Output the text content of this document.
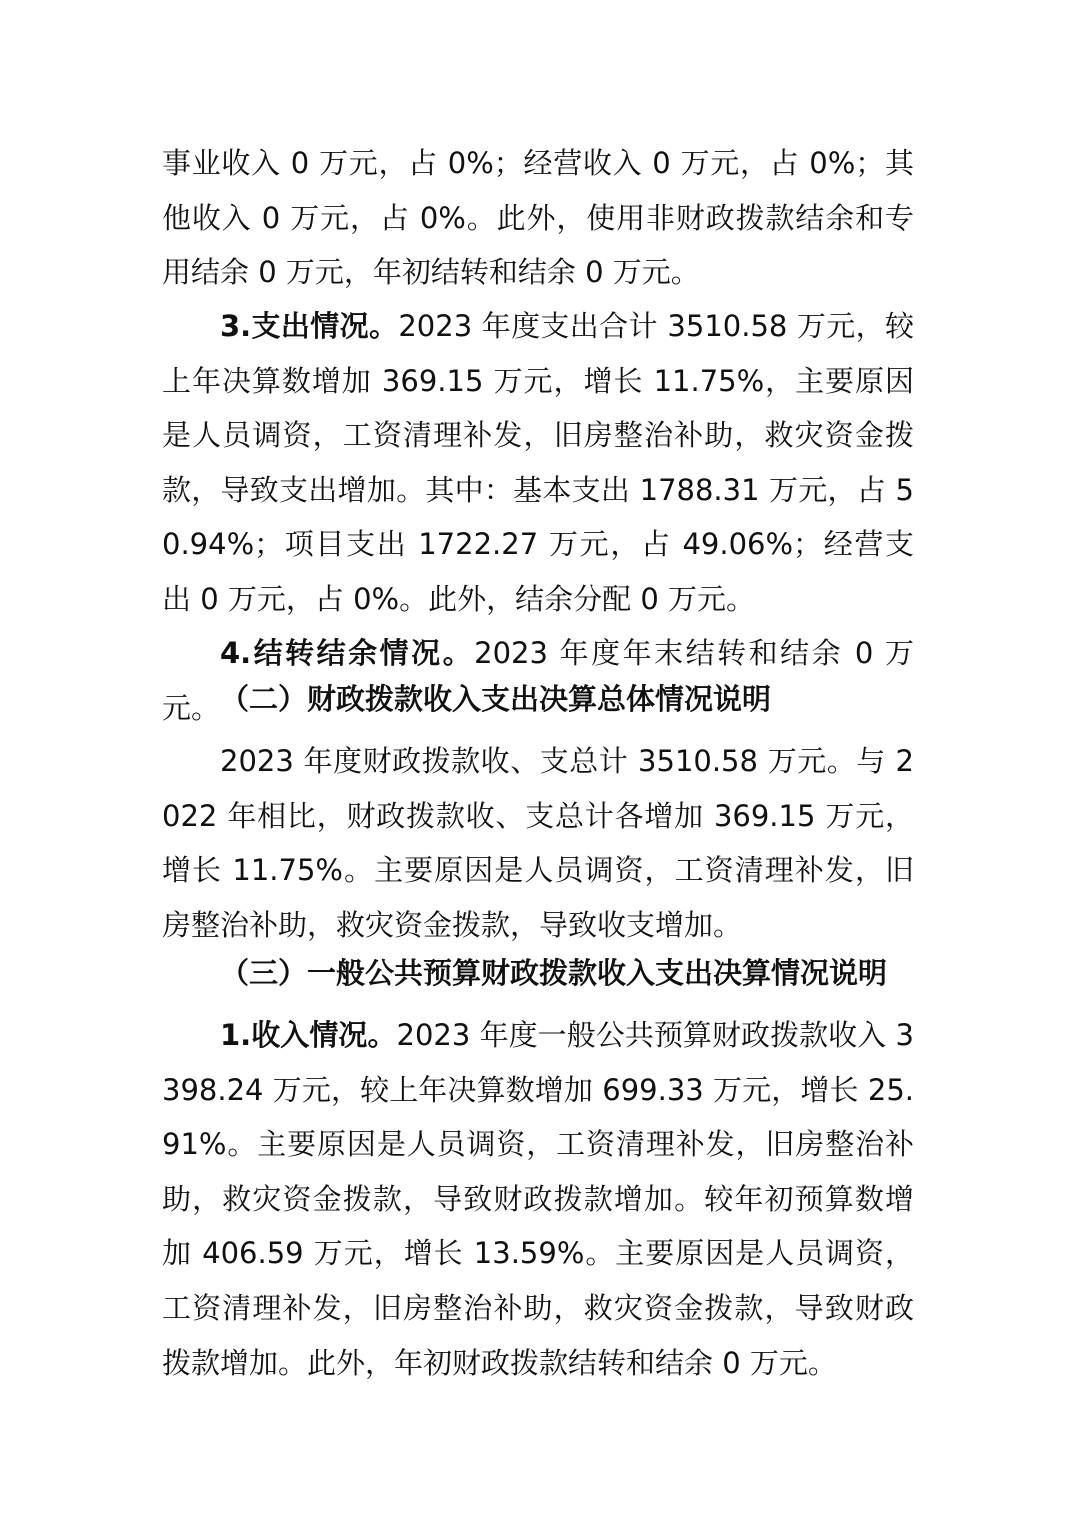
事业收入 0 万元，占 0%；经营收入 0 万元，占 0%；其他收入 0 万元，占 0%。此外，使用非财政拨款结余和专用结余 0 万元，年初结转和结余 0 万元。

3.支出情况。2023 年度支出合计 3510.58 万元，较上年决算数增加 369.15 万元，增长 11.75%，主要原因是人员调资，工资清理补发，旧房整治补助，救灾资金拨款，导致支出增加。其中：基本支出 1788.31 万元，占 50.94%；项目支出 1722.27 万元，占 49.06%；经营支出 0 万元，占 0%。此外，结余分配 0 万元。

4.结转结余情况。2023 年度年末结转和结余 0 万元。 （二）财政拨款收入支出决算总体情况说明

2023 年度财政拨款收、支总计 3510.58 万元。与 2022 年相比，财政拨款收、支总计各增加 369.15 万元，增长 11.75%。主要原因是人员调资，工资清理补发，旧房整治补助，救灾资金拨款，导致收支增加。

（三）一般公共预算财政拨款收入支出决算情况说明

1.收入情况。2023 年度一般公共预算财政拨款收入 3398.24 万元，较上年决算数增加 699.33 万元，增长 25.91%。主要原因是人员调资，工资清理补发，旧房整治补助，救灾资金拨款，导致财政拨款增加。较年初预算数增加 406.59 万元，增长 13.59%。主要原因是人员调资，工资清理补发，旧房整治补助，救灾资金拨款，导致财政拨款增加。此外，年初财政拨款结转和结余 0 万元。
